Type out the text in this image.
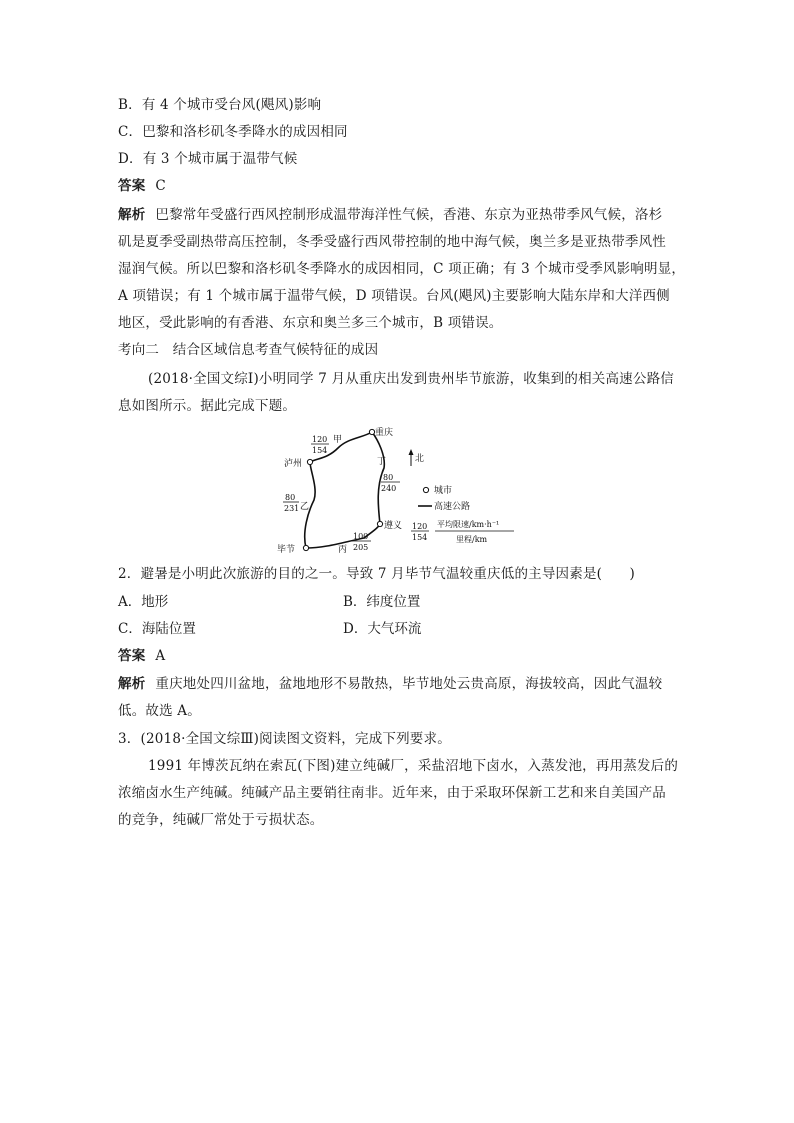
B．有 4 个城市受台风(飓风)影响
C．巴黎和洛杉矶冬季降水的成因相同
D．有 3 个城市属于温带气候
答案 C
解析 巴黎常年受盛行西风控制形成温带海洋性气候，香港、东京为亚热带季风气候，洛杉
矶是夏季受副热带高压控制，冬季受盛行西风带控制的地中海气候，奥兰多是亚热带季风性
湿润气候。所以巴黎和洛杉矶冬季降水的成因相同，C 项正确；有 3 个城市受季风影响明显，
A 项错误；有 1 个城市属于温带气候，D 项错误。台风(飓风)主要影响大陆东岸和大洋西侧
地区，受此影响的有香港、东京和奥兰多三个城市，B 项错误。
考向二　结合区域信息考查气候特征的成因
(2018·全国文综Ⅰ)小明同学 7 月从重庆出发到贵州毕节旅游，收集到的相关高速公路信
息如图所示。据此完成下题。
重庆
泸州
遵义
毕节
甲
乙
丙
丁
120
154
80
231
100
205
80
240
北
城市
高速公路
120
154
平均限速/km·h⁻¹
里程/km
2．避暑是小明此次旅游的目的之一。导致 7 月毕节气温较重庆低的主导因素是(　　)
A．地形	B．纬度位置
C．海陆位置	D．大气环流
答案 A
解析 重庆地处四川盆地，盆地地形不易散热，毕节地处云贵高原，海拔较高，因此气温较
低。故选 A。
3．(2018·全国文综Ⅲ)阅读图文资料，完成下列要求。
1991 年博茨瓦纳在索瓦(下图)建立纯碱厂，采盐沼地下卤水，入蒸发池，再用蒸发后的
浓缩卤水生产纯碱。纯碱产品主要销往南非。近年来，由于采取环保新工艺和来自美国产品
的竞争，纯碱厂常处于亏损状态。
